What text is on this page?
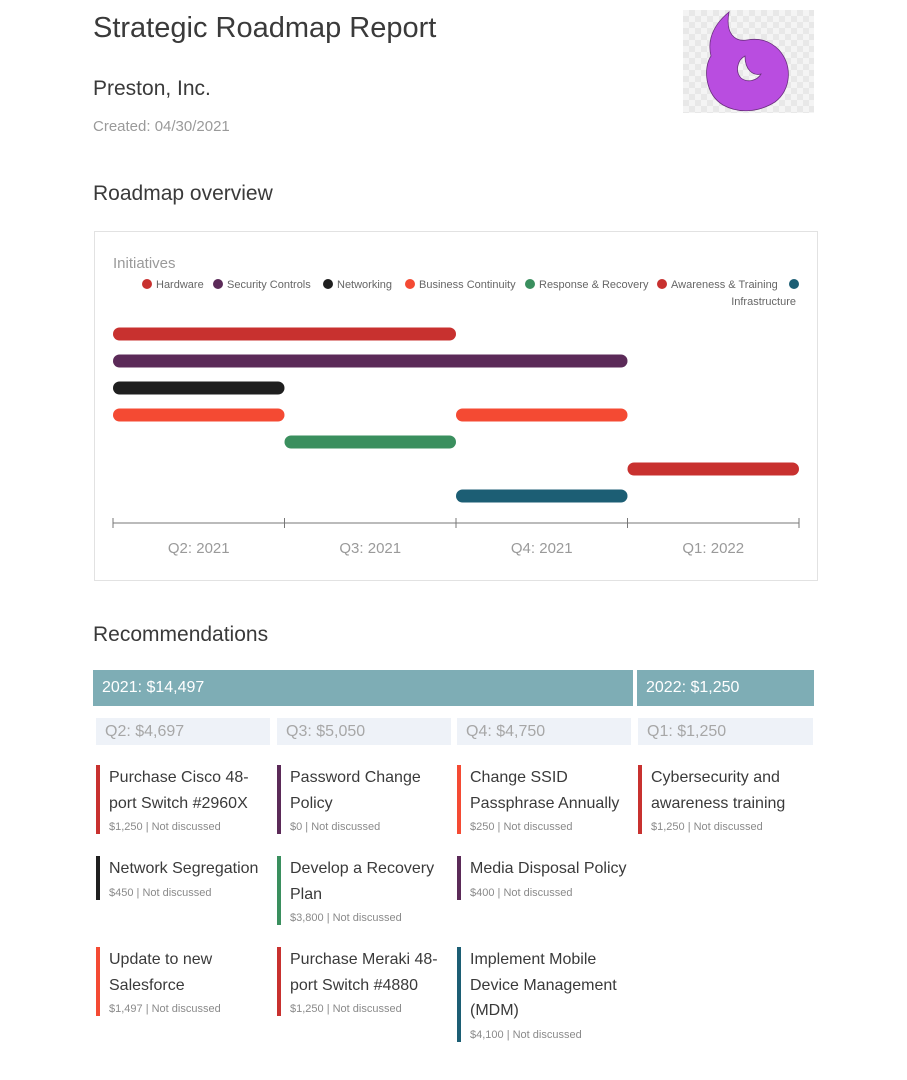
Strategic Roadmap Report
Preston, Inc.
Created: 04/30/2021
Roadmap overview
Initiatives
Hardware Security Controls Networking Business Continuity Response & Recovery Awareness & Training
Infrastructure
Q2: 2021	Q3: 2021	Q4: 2021	Q1: 2022
Recommendations
2021: $14,497	2022: $1,250
Q2: $4,697	Q3: $5,050	Q4: $4,750	Q1: $1,250
Purchase Cisco 48-port Switch #2960X
$1,250 | Not discussed
Network Segregation
$450 | Not discussed
Update to new Salesforce
$1,497 | Not discussed
Password Change Policy
$0 | Not discussed
Develop a Recovery Plan
$3,800 | Not discussed
Purchase Meraki 48-port Switch #4880
$1,250 | Not discussed
Change SSID Passphrase Annually
$250 | Not discussed
Media Disposal Policy
$400 | Not discussed
Implement Mobile Device Management (MDM)
$4,100 | Not discussed
Cybersecurity and awareness training
$1,250 | Not discussed
